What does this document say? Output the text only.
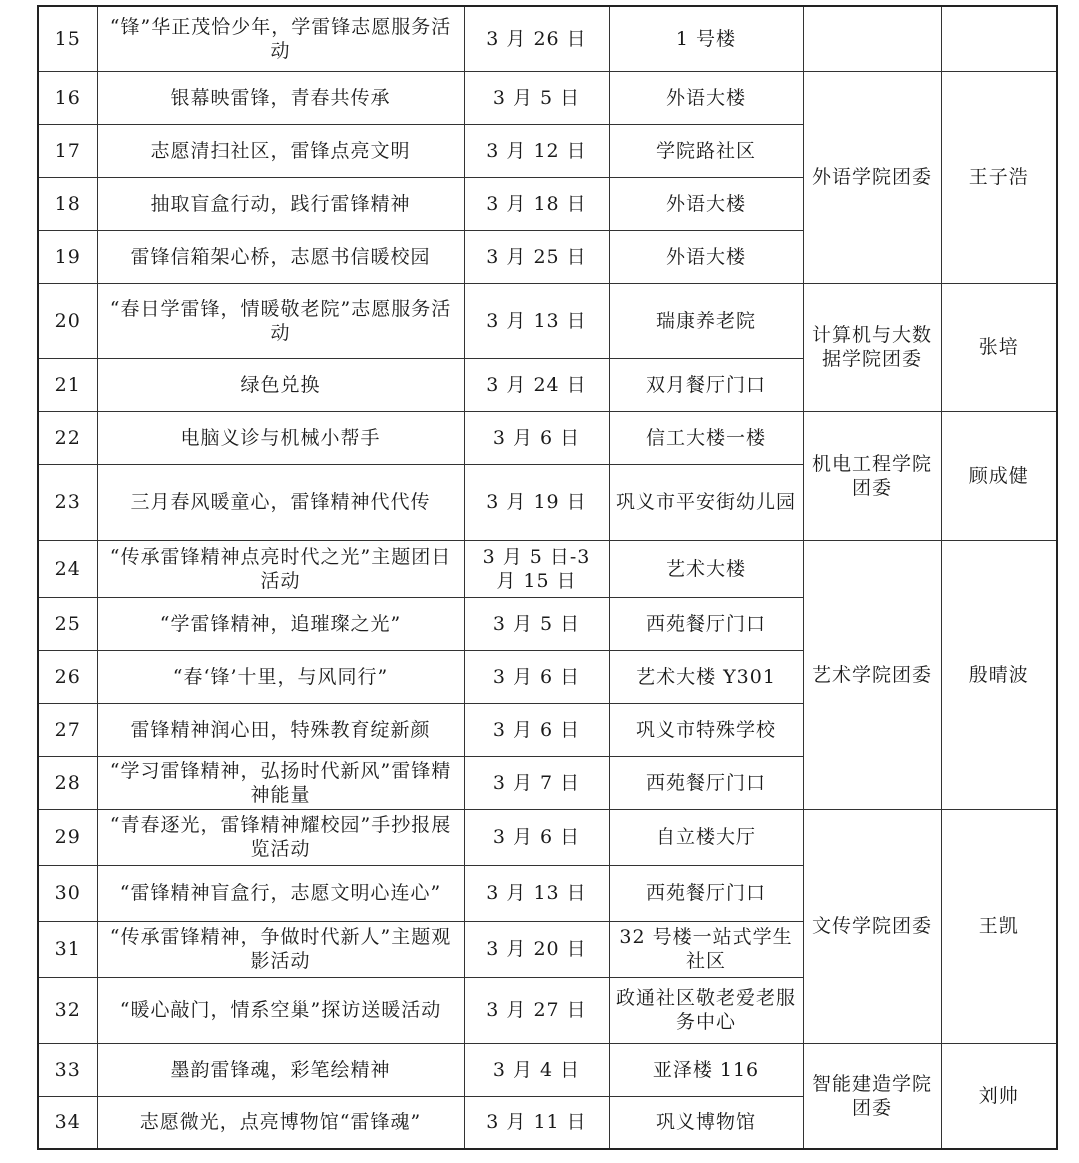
15	“锋”华正茂恰少年，学雷锋志愿服务活动	3 月 26 日	1 号楼		
16	银幕映雷锋，青春共传承	3 月 5 日	外语大楼	外语学院团委	王子浩
17	志愿清扫社区，雷锋点亮文明	3 月 12 日	学院路社区		
18	抽取盲盒行动，践行雷锋精神	3 月 18 日	外语大楼		
19	雷锋信箱架心桥，志愿书信暖校园	3 月 25 日	外语大楼		
20	“春日学雷锋，情暖敬老院”志愿服务活动	3 月 13 日	瑞康养老院	计算机与大数据学院团委	张培
21	绿色兑换	3 月 24 日	双月餐厅门口		
22	电脑义诊与机械小帮手	3 月 6 日	信工大楼一楼	机电工程学院团委	顾成健
23	三月春风暖童心，雷锋精神代代传	3 月 19 日	巩义市平安街幼儿园		
24	“传承雷锋精神点亮时代之光”主题团日活动	3 月 5 日-3 月 15 日	艺术大楼	艺术学院团委	殷晴波
25	“学雷锋精神，追璀璨之光”	3 月 5 日	西苑餐厅门口		
26	“春‘锋’十里，与风同行”	3 月 6 日	艺术大楼 Y301		
27	雷锋精神润心田，特殊教育绽新颜	3 月 6 日	巩义市特殊学校		
28	“学习雷锋精神，弘扬时代新风”雷锋精神能量	3 月 7 日	西苑餐厅门口		
29	“青春逐光，雷锋精神耀校园”手抄报展览活动	3 月 6 日	自立楼大厅	文传学院团委	王凯
30	“雷锋精神盲盒行，志愿文明心连心”	3 月 13 日	西苑餐厅门口		
31	“传承雷锋精神，争做时代新人”主题观影活动	3 月 20 日	32 号楼一站式学生社区		
32	“暖心敲门，情系空巢”探访送暖活动	3 月 27 日	政通社区敬老爱老服务中心		
33	墨韵雷锋魂，彩笔绘精神	3 月 4 日	亚泽楼 116	智能建造学院团委	刘帅
34	志愿微光，点亮博物馆“雷锋魂”	3 月 11 日	巩义博物馆		
